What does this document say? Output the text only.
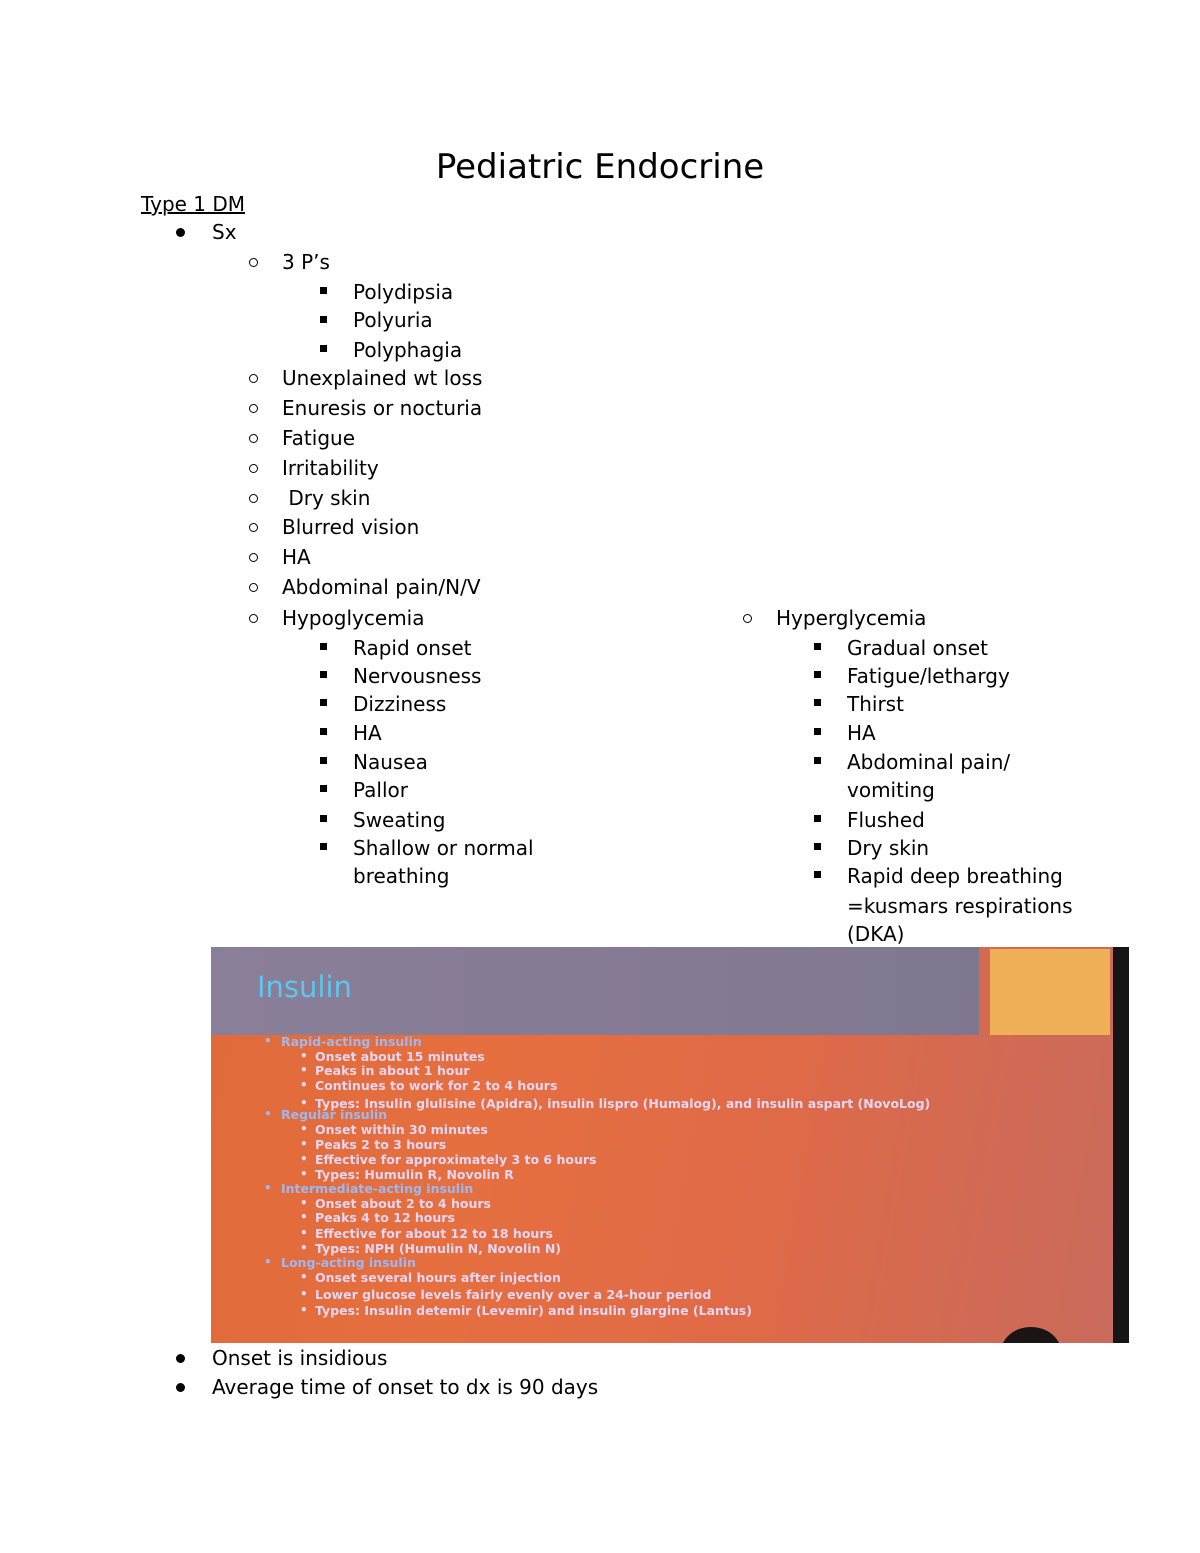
Pediatric Endocrine
Type 1 DM
Sx
3 P’s
Polydipsia
Polyuria
Polyphagia
Unexplained wt loss
Enuresis or nocturia
Fatigue
Irritability
Dry skin
Blurred vision
HA
Abdominal pain/N/V
Hypoglycemia
Rapid onset
Nervousness
Dizziness
HA
Nausea
Pallor
Sweating
Shallow or normal
breathing
Hyperglycemia
Gradual onset
Fatigue/lethargy
Thirst
HA
Abdominal pain/
vomiting
Flushed
Dry skin
Rapid deep breathing
=kusmars respirations
(DKA)
Insulin
• Rapid-acting insulin
• Onset about 15 minutes
• Peaks in about 1 hour
• Continues to work for 2 to 4 hours
• Types: Insulin glulisine (Apidra), insulin lispro (Humalog), and insulin aspart (NovoLog)
• Regular insulin
• Onset within 30 minutes
• Peaks 2 to 3 hours
• Effective for approximately 3 to 6 hours
• Types: Humulin R, Novolin R
• Intermediate-acting insulin
• Onset about 2 to 4 hours
• Peaks 4 to 12 hours
• Effective for about 12 to 18 hours
• Types: NPH (Humulin N, Novolin N)
• Long-acting insulin
• Onset several hours after injection
• Lower glucose levels fairly evenly over a 24-hour period
• Types: Insulin detemir (Levemir) and insulin glargine (Lantus)
Onset is insidious
Average time of onset to dx is 90 days
